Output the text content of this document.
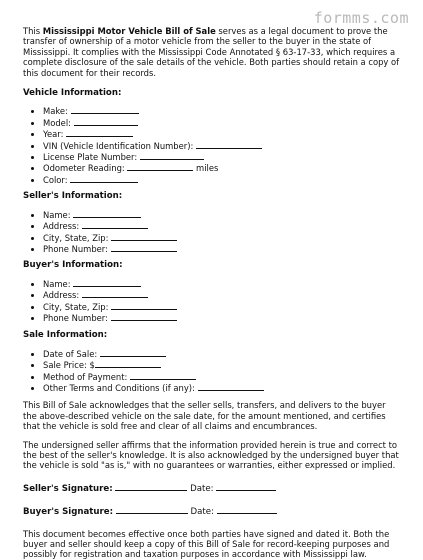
formms.com

This Mississippi Motor Vehicle Bill of Sale serves as a legal document to prove the transfer of ownership of a motor vehicle from the seller to the buyer in the state of Mississippi. It complies with the Mississippi Code Annotated § 63-17-33, which requires a complete disclosure of the sale details of the vehicle. Both parties should retain a copy of this document for their records.

Vehicle Information:
• Make:
• Model:
• Year:
• VIN (Vehicle Identification Number):
• License Plate Number:
• Odometer Reading:	miles
• Color:
Seller's Information:
• Name:
• Address:
• City, State, Zip:
• Phone Number:
Buyer's Information:
• Name:
• Address:
• City, State, Zip:
• Phone Number:
Sale Information:
• Date of Sale:
• Sale Price: $
• Method of Payment:
• Other Terms and Conditions (if any):

This Bill of Sale acknowledges that the seller sells, transfers, and delivers to the buyer the above-described vehicle on the sale date, for the amount mentioned, and certifies that the vehicle is sold free and clear of all claims and encumbrances.

The undersigned seller affirms that the information provided herein is true and correct to the best of the seller's knowledge. It is also acknowledged by the undersigned buyer that the vehicle is sold "as is," with no guarantees or warranties, either expressed or implied.

Seller's Signature:	Date:

Buyer's Signature:	Date:

This document becomes effective once both parties have signed and dated it. Both the buyer and seller should keep a copy of this Bill of Sale for record-keeping purposes and possibly for registration and taxation purposes in accordance with Mississippi law.
